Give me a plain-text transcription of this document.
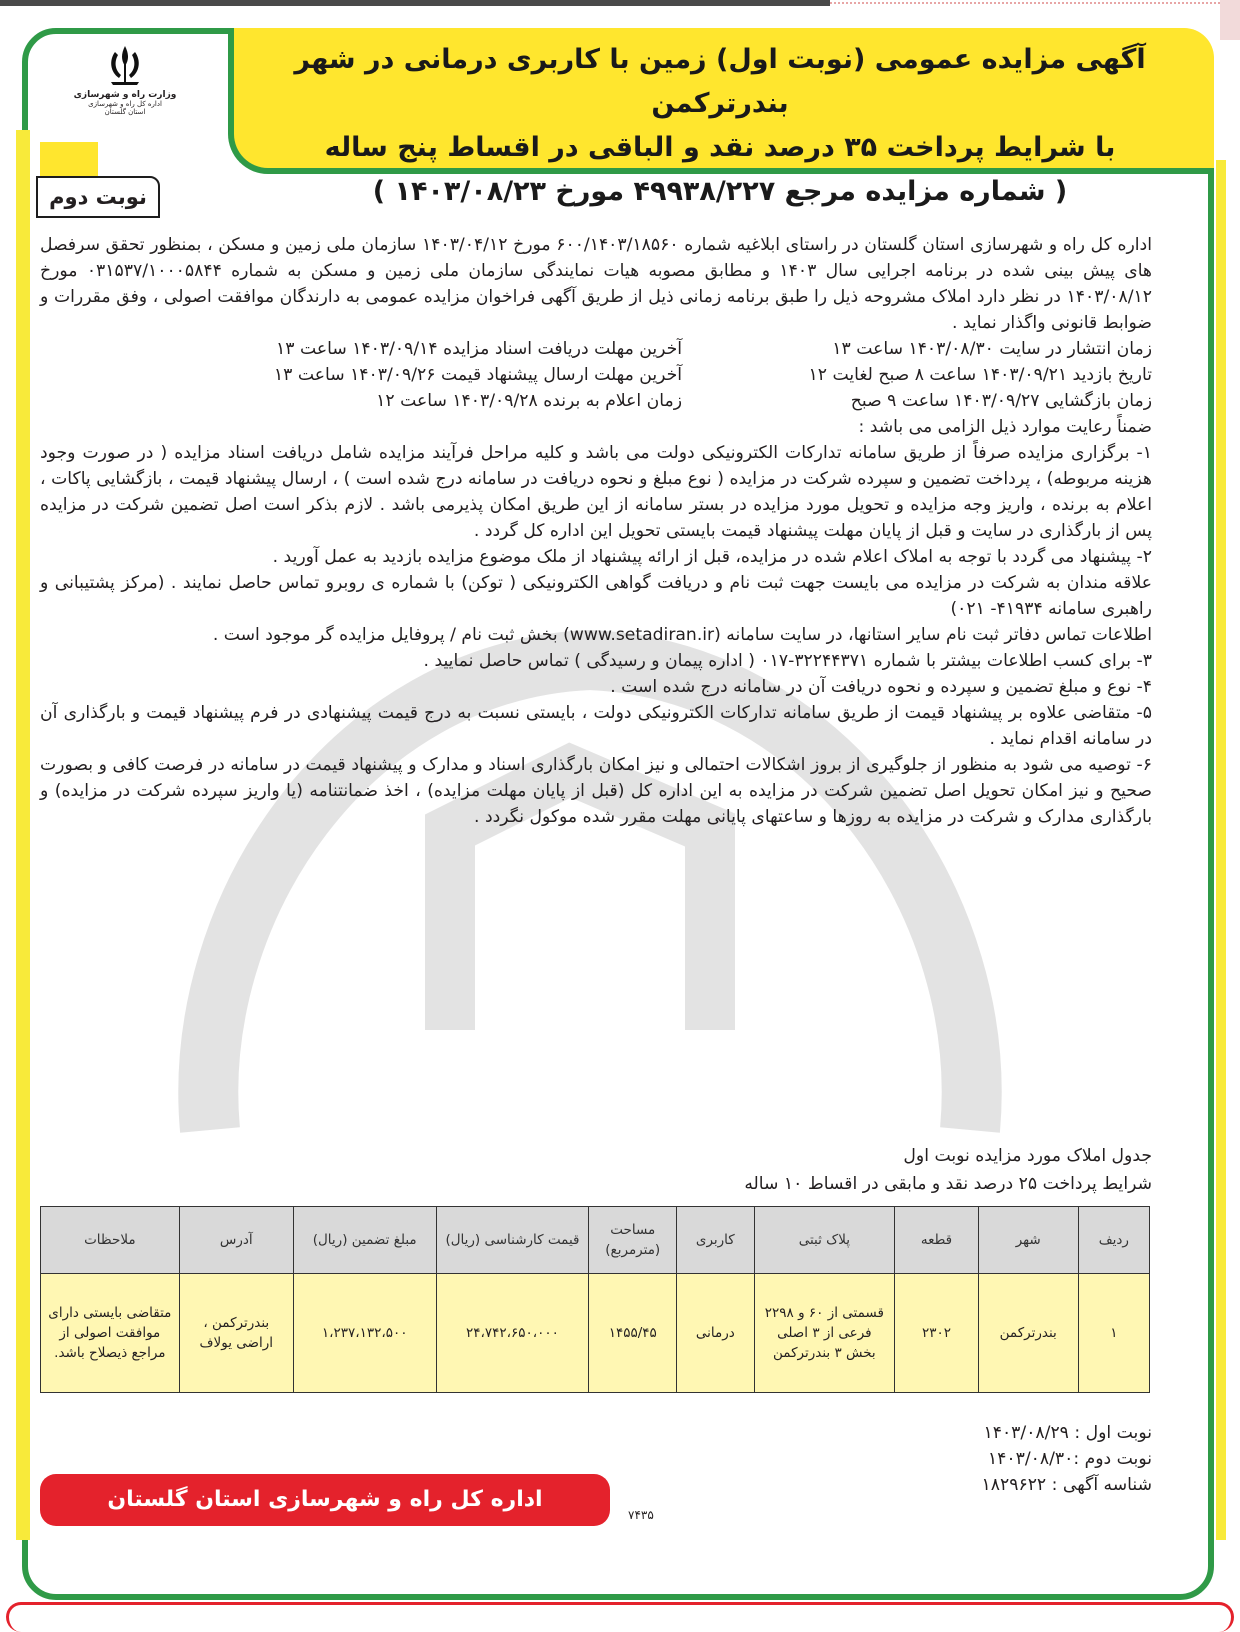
آگهی مزایده عمومی (نوبت اول) زمین با کاربری درمانی در شهر بندرترکمن
با شرایط پرداخت ۳۵ درصد نقد و الباقی در اقساط پنج ساله
( شماره مزایده مرجع ۴۹۹۳۸/۲۲۷ مورخ ۱۴۰۳/۰۸/۲۳ )
وزارت راه و شهرسازی
اداره کل راه و شهرسازی
استان گلستان
نوبت دوم

اداره کل راه و شهرسازی استان گلستان در راستای ابلاغیه شماره ۶۰۰/۱۴۰۳/۱۸۵۶۰ مورخ ۱۴۰۳/۰۴/۱۲ سازمان ملی زمین و مسکن ، بمنظور تحقق سرفصل های پیش بینی شده در برنامه اجرایی سال ۱۴۰۳ و مطابق مصوبه هیات نمایندگی سازمان ملی زمین و مسکن به شماره ۰۳۱۵۳۷/۱۰۰۰۵۸۴۴ مورخ ۱۴۰۳/۰۸/۱۲ در نظر دارد املاک مشروحه ذیل را طبق برنامه زمانی ذیل از طریق آگهی فراخوان مزایده عمومی به دارندگان موافقت اصولی ، وفق مقررات و ضوابط قانونی واگذار نماید .

زمان انتشار در سایت ۱۴۰۳/۰۸/۳۰ ساعت ۱۳
تاریخ بازدید ۱۴۰۳/۰۹/۲۱ ساعت ۸ صبح لغایت ۱۲
زمان بازگشایی ۱۴۰۳/۰۹/۲۷ ساعت ۹ صبح
آخرین مهلت دریافت اسناد مزایده ۱۴۰۳/۰۹/۱۴ ساعت ۱۳
آخرین مهلت ارسال پیشنهاد قیمت ۱۴۰۳/۰۹/۲۶ ساعت ۱۳
زمان اعلام به برنده ۱۴۰۳/۰۹/۲۸ ساعت ۱۲

ضمناً رعایت موارد ذیل الزامی می باشد :

۱- برگزاری مزایده صرفاً از طریق سامانه تدارکات الکترونیکی دولت می باشد و کلیه مراحل فرآیند مزایده شامل دریافت اسناد مزایده ( در صورت وجود هزینه مربوطه) ، پرداخت تضمین و سپرده شرکت در مزایده ( نوع مبلغ و نحوه دریافت در سامانه درج شده است ) ، ارسال پیشنهاد قیمت ، بازگشایی پاکات ، اعلام به برنده ، واریز وجه مزایده و تحویل مورد مزایده در بستر سامانه از این طریق امکان پذیرمی باشد . لازم بذکر است اصل تضمین شرکت در مزایده پس از بارگذاری در سایت و قبل از پایان مهلت پیشنهاد قیمت بایستی تحویل این اداره کل گردد .

۲- پیشنهاد می گردد با توجه به املاک اعلام شده در مزایده، قبل از ارائه پیشنهاد از ملک موضوع مزایده بازدید به عمل آورید .

علاقه مندان به شرکت در مزایده می بایست جهت ثبت نام و دریافت گواهی الکترونیکی ( توکن) با شماره ی روبرو تماس حاصل نمایند . (مرکز پشتیبانی و راهبری سامانه ۴۱۹۳۴- ۰۲۱)

اطلاعات تماس دفاتر ثبت نام سایر استانها، در سایت سامانه (www.setadiran.ir) بخش ثبت نام / پروفایل مزایده گر موجود است .

۳- برای کسب اطلاعات بیشتر با شماره ۳۲۲۴۴۳۷۱-۰۱۷ ( اداره پیمان و رسیدگی ) تماس حاصل نمایید .

۴- نوع و مبلغ تضمین و سپرده و نحوه دریافت آن در سامانه درج شده است .

۵- متقاضی علاوه بر پیشنهاد قیمت از طریق سامانه تدارکات الکترونیکی دولت ، بایستی نسبت به درج قیمت پیشنهادی در فرم پیشنهاد قیمت و بارگذاری آن در سامانه اقدام نماید .

۶- توصیه می شود به منظور از جلوگیری از بروز اشکالات احتمالی و نیز امکان بارگذاری اسناد و مدارک و پیشنهاد قیمت در سامانه در فرصت کافی و بصورت صحیح و نیز امکان تحویل اصل تضمین شرکت در مزایده به این اداره کل (قبل از پایان مهلت مزایده) ، اخذ ضمانتنامه (یا واریز سپرده شرکت در مزایده) و بارگذاری مدارک و شرکت در مزایده به روزها و ساعتهای پایانی مهلت مقرر شده موکول نگردد .

جدول املاک مورد مزایده نوبت اول
شرایط پرداخت ۲۵ درصد نقد و مابقی در اقساط ۱۰ ساله
ردیف	شهر	قطعه	پلاک ثبتی	کاربری	مساحت (مترمربع)	قیمت کارشناسی (ریال)	مبلغ تضمین (ریال)	آدرس	ملاحظات
۱	بندرترکمن	۲۳۰۲	قسمتی از ۶۰ و ۲۲۹۸ فرعی از ۳ اصلی بخش ۳ بندرترکمن	درمانی	۱۴۵۵/۴۵	۲۴،۷۴۲،۶۵۰،۰۰۰	۱،۲۳۷،۱۳۲،۵۰۰	بندرترکمن ، اراضی یولاف	متقاضی بایستی دارای موافقت اصولی از مراجع ذیصلاح باشد.
نوبت اول : ۱۴۰۳/۰۸/۲۹
نوبت دوم :۱۴۰۳/۰۸/۳۰
شناسه آگهی : ۱۸۲۹۶۲۲
اداره کل راه و شهرسازی استان گلستان
۷۴۳۵
